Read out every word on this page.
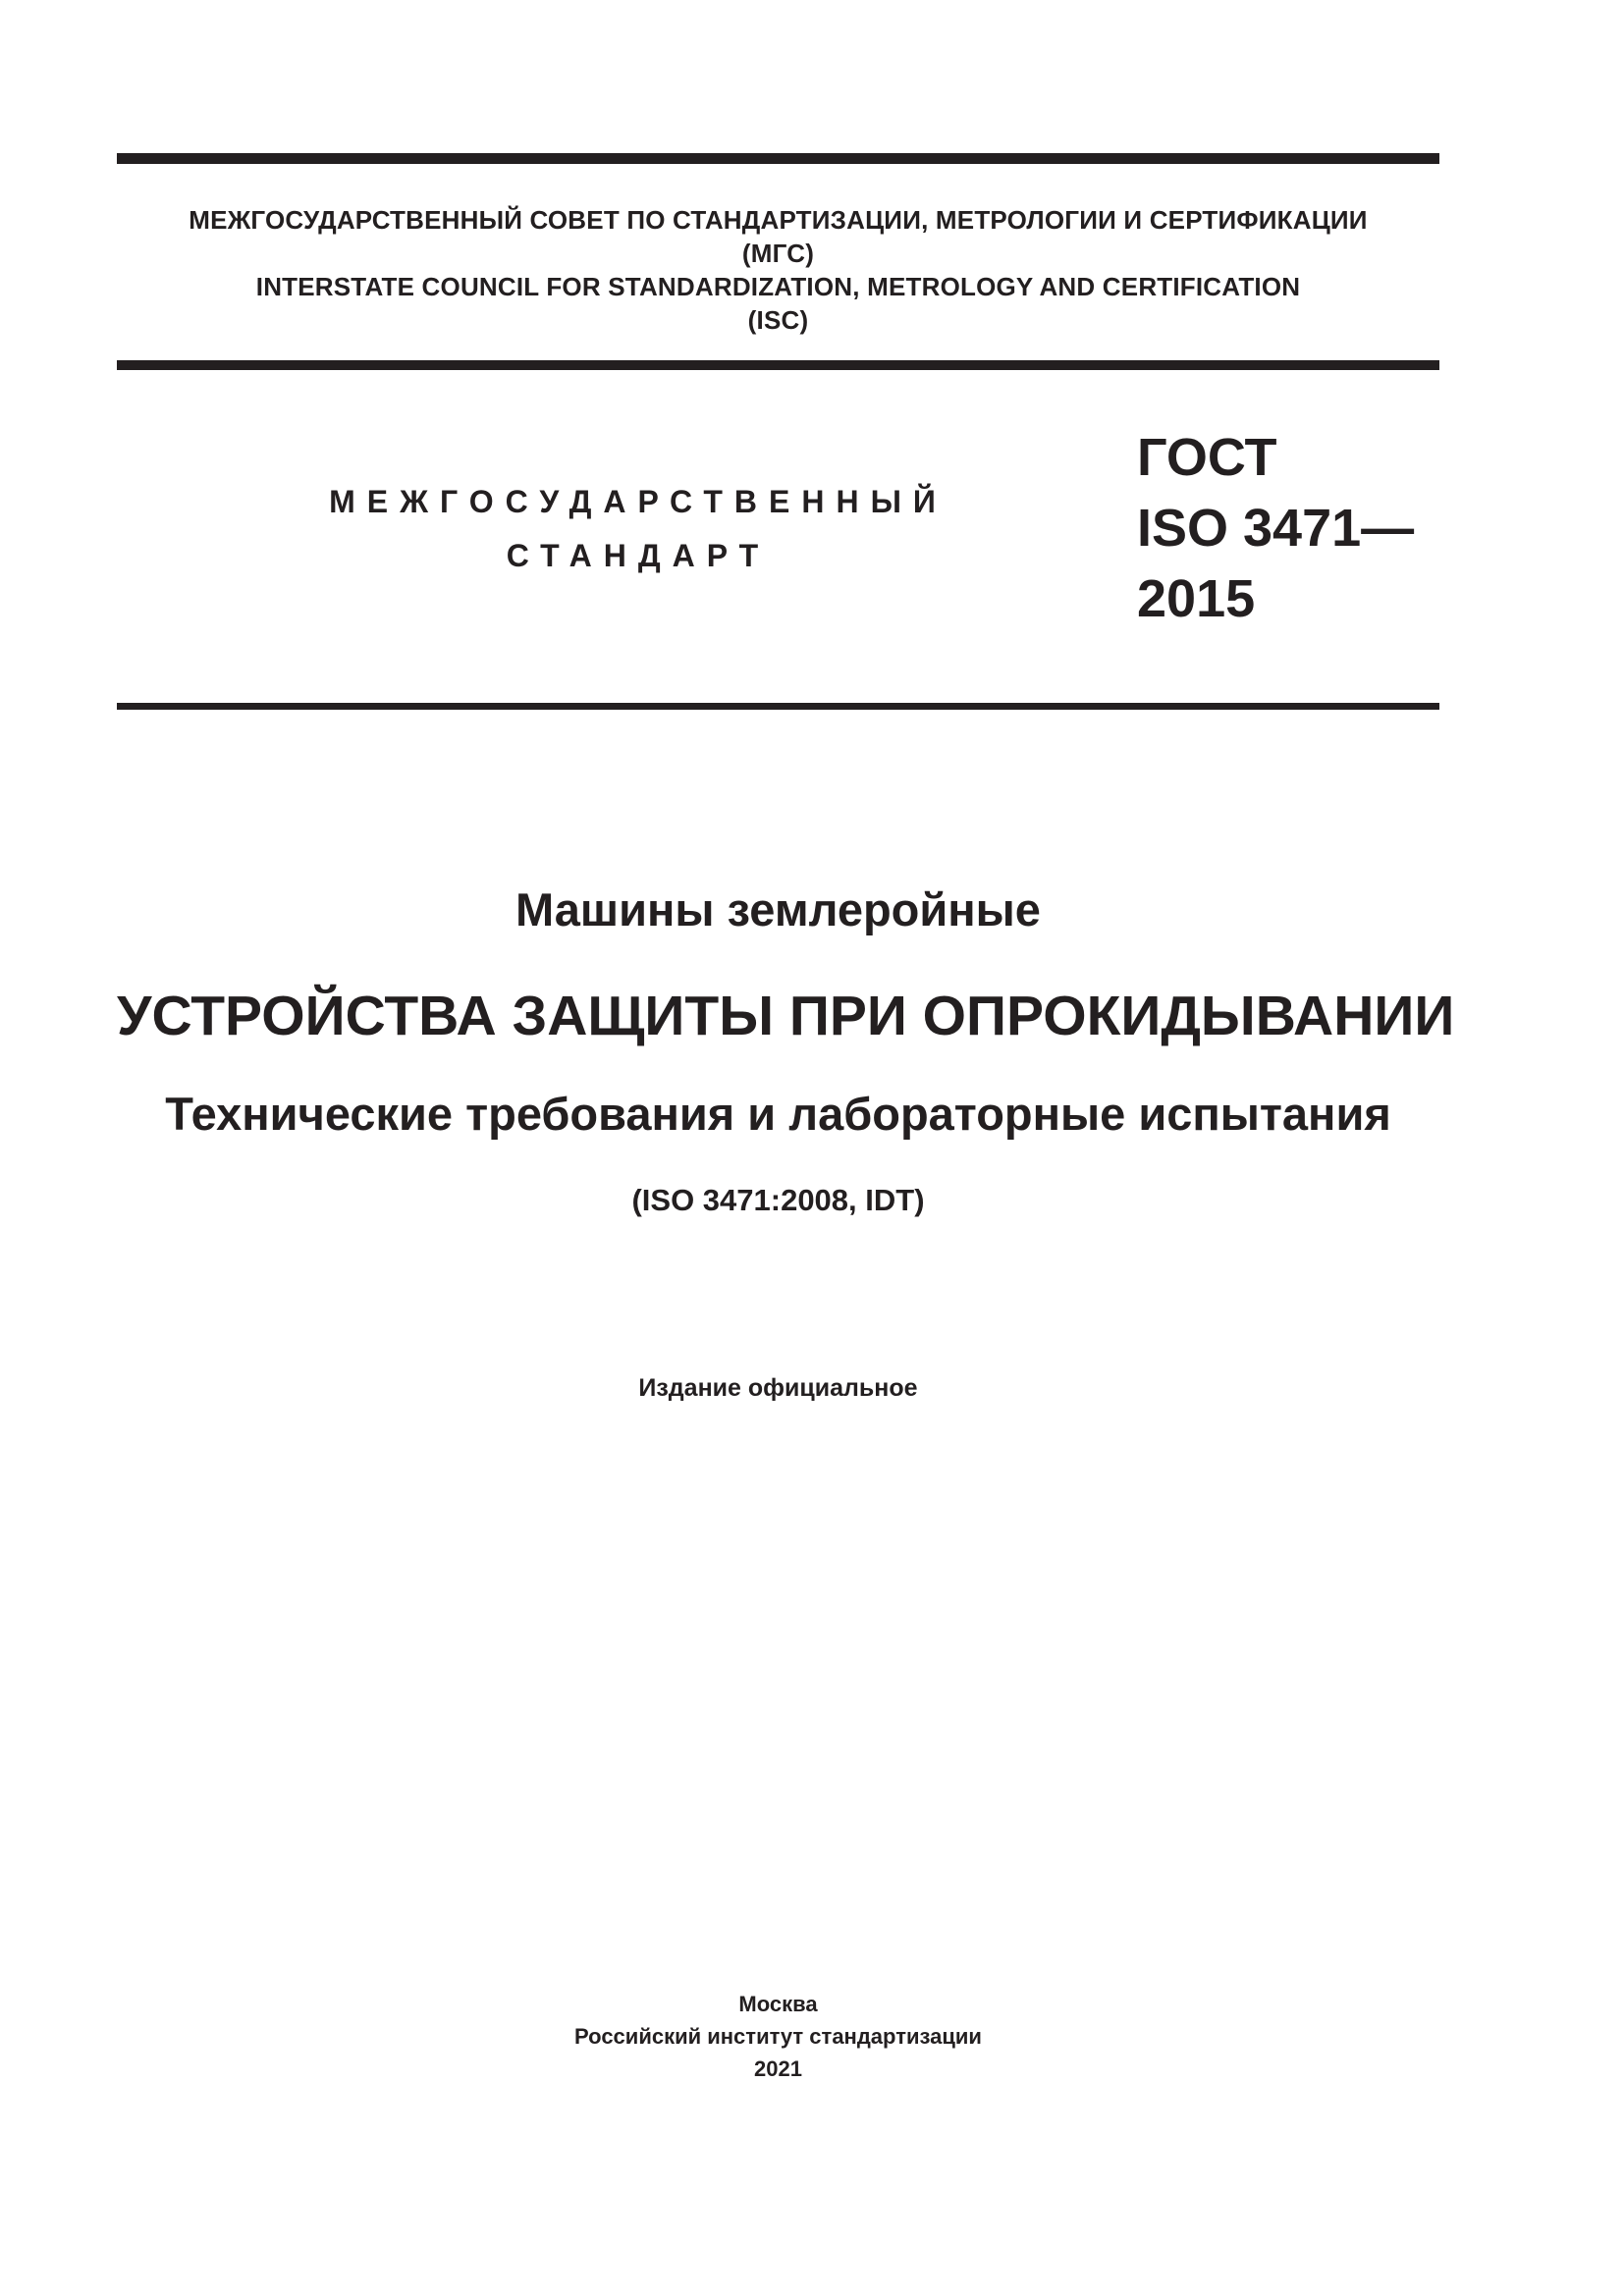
МЕЖГОСУДАРСТВЕННЫЙ СОВЕТ ПО СТАНДАРТИЗАЦИИ, МЕТРОЛОГИИ И СЕРТИФИКАЦИИ
(МГС)
INTERSTATE COUNCIL FOR STANDARDIZATION, METROLOGY AND CERTIFICATION
(ISC)
МЕЖГОСУДАРСТВЕННЫЙ
СТАНДАРТ
ГОСТ
ISO 3471—
2015
Машины землеройные
УСТРОЙСТВА ЗАЩИТЫ ПРИ ОПРОКИДЫВАНИИ
Технические требования и лабораторные испытания
(ISO 3471:2008, IDT)
Издание официальное
Москва
Российский институт стандартизации
2021
